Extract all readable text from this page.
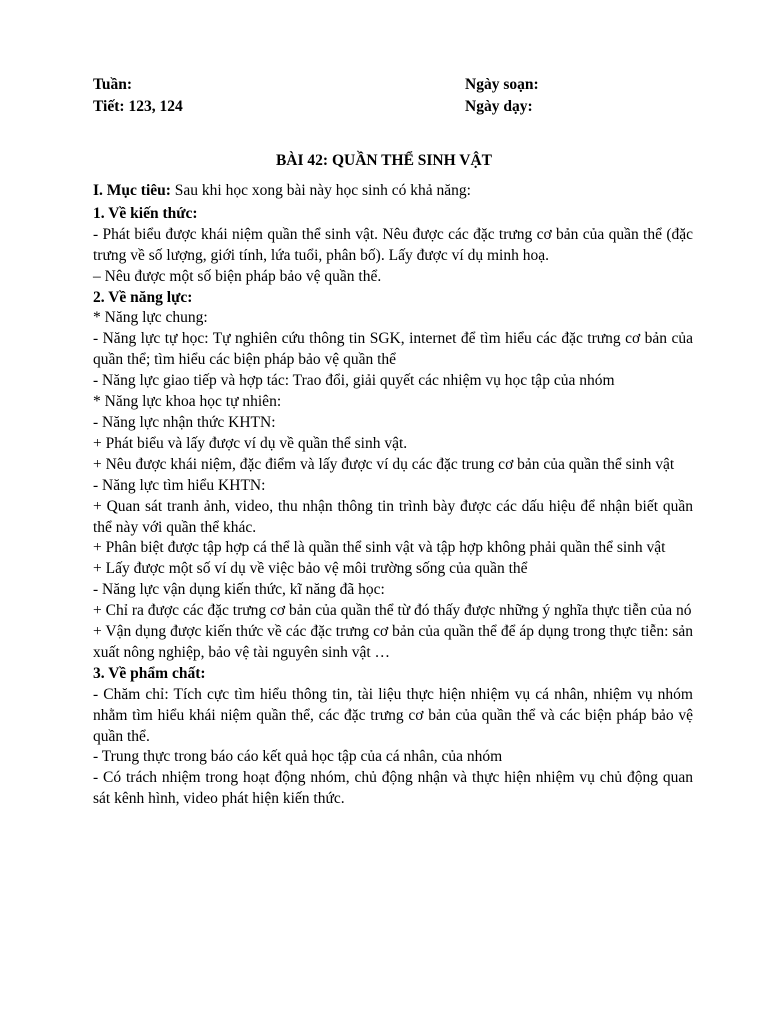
Tuần:
Tiết: 123, 124
Ngày soạn:
Ngày dạy:
BÀI 42: QUẦN THỂ SINH VẬT

I. Mục tiêu: Sau khi học xong bài này học sinh có khả năng:

1. Về kiến thức:

- Phát biểu được khái niệm quần thể sinh vật. Nêu được các đặc trưng cơ bản của quần thể (đặc trưng về số lượng, giới tính, lứa tuổi, phân bố). Lấy được ví dụ minh hoạ.

– Nêu được một số biện pháp bảo vệ quần thể.

2. Về năng lực:

* Năng lực chung:

- Năng lực tự học: Tự nghiên cứu thông tin SGK, internet để tìm hiểu các đặc trưng cơ bản của quần thể; tìm hiểu các biện pháp bảo vệ quần thể

- Năng lực giao tiếp và hợp tác: Trao đổi, giải quyết các nhiệm vụ học tập của nhóm

* Năng lực khoa học tự nhiên:

- Năng lực nhận thức KHTN:

+ Phát biểu và lấy được ví dụ về quần thể sinh vật.

+ Nêu được khái niệm, đặc điểm và lấy được ví dụ các đặc trung cơ bản của quần thể sinh vật

- Năng lực tìm hiểu KHTN:

+ Quan sát tranh ảnh, video, thu nhận thông tin trình bày được các dấu hiệu để nhận biết quần thể này với quần thể khác.

+ Phân biệt được tập hợp cá thể là quần thể sinh vật và tập hợp không phải quần thể sinh vật

+ Lấy được một số ví dụ về việc bảo vệ môi trường sống của quần thể

- Năng lực vận dụng kiến thức, kĩ năng đã học:

+ Chỉ ra được các đặc trưng cơ bản của quần thể từ đó thấy được những ý nghĩa thực tiễn của nó

+ Vận dụng được kiến thức về các đặc trưng cơ bản của quần thể để áp dụng trong thực tiễn: sản xuất nông nghiệp, bảo vệ tài nguyên sinh vật …

3. Về phẩm chất:

- Chăm chỉ: Tích cực tìm hiểu thông tin, tài liệu thực hiện nhiệm vụ cá nhân, nhiệm vụ nhóm nhằm tìm hiểu khái niệm quần thể, các đặc trưng cơ bản của quần thể và các biện pháp bảo vệ quần thể.

- Trung thực trong báo cáo kết quả học tập của cá nhân, của nhóm

- Có trách nhiệm trong hoạt động nhóm, chủ động nhận và thực hiện nhiệm vụ chủ động quan sát kênh hình, video phát hiện kiến thức.
